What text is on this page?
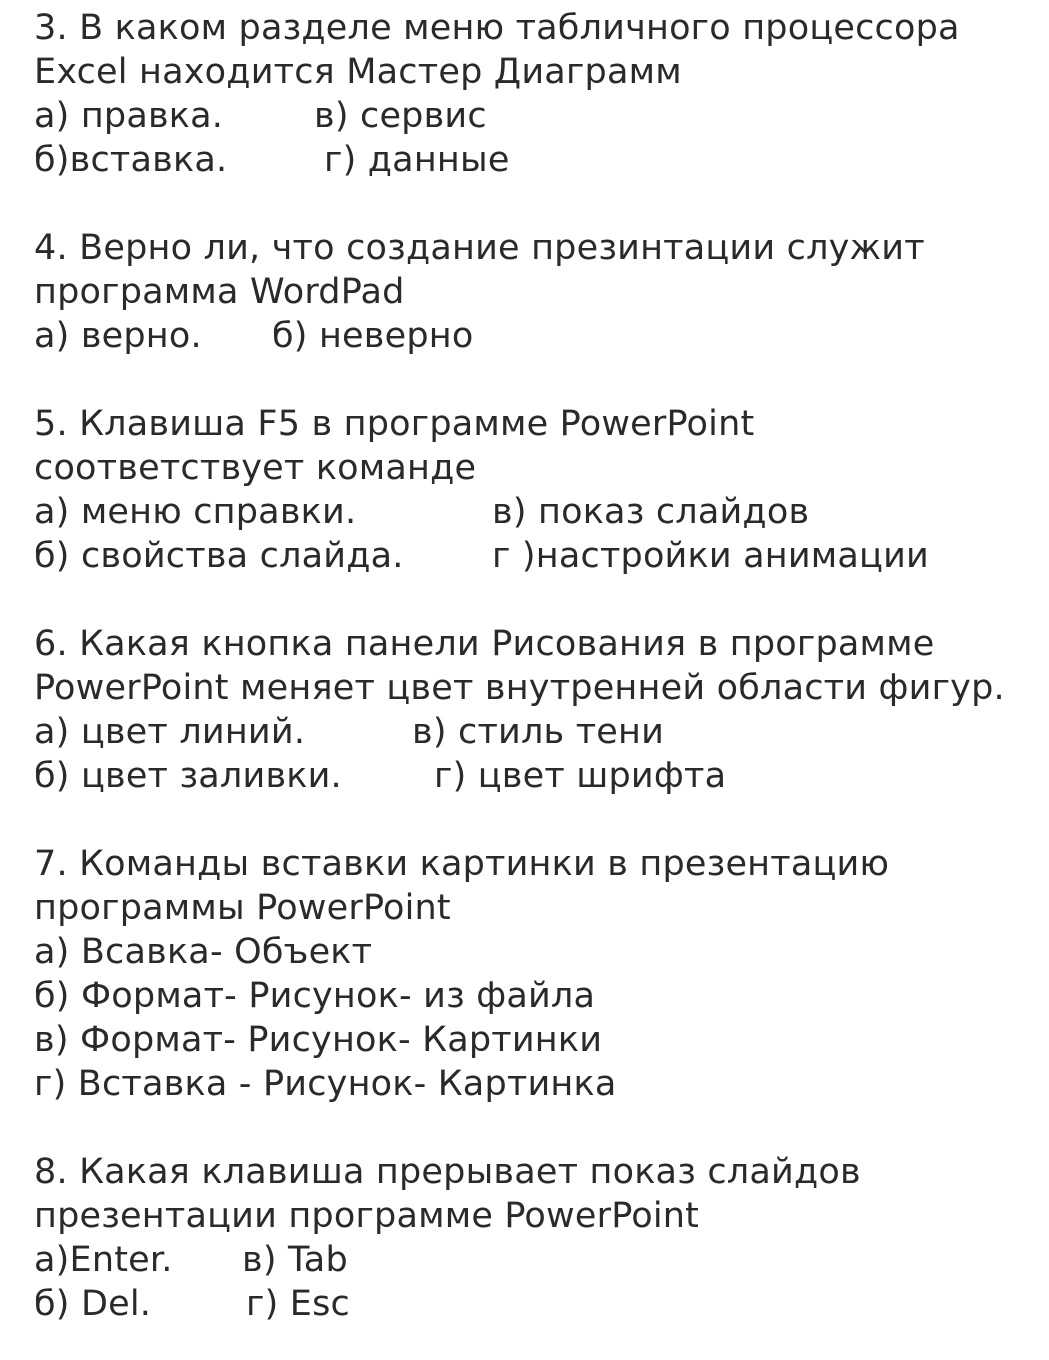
3. В каком разделе меню табличного процессора
Excel находится Мастер Диаграмм
а) правка.	в) сервис
б)вставка.	г) данные
4. Верно ли, что создание презинтации служит
программа WordPad
а) верно. б) неверно
5. Клавиша F5 в программе PowerPoint
соответствует команде
а) меню справки.	в) показ слайдов
б) свойства слайда.	г )настройки анимации
6. Какая кнопка панели Рисования в программе
PowerPoint меняет цвет внутренней области фигур.
а) цвет линий.	в) стиль тени
б) цвет заливки.	г) цвет шрифта
7. Команды вставки картинки в презентацию
программы PowerPoint
а) Всавка- Объект
б) Формат- Рисунок- из файла
в) Формат- Рисунок- Картинки
г) Вставка - Рисунок- Картинка
8. Какая клавиша прерывает показ слайдов
презентации программе PowerPoint
а)Enter. в) Tab
б) Del.	г) Esc
